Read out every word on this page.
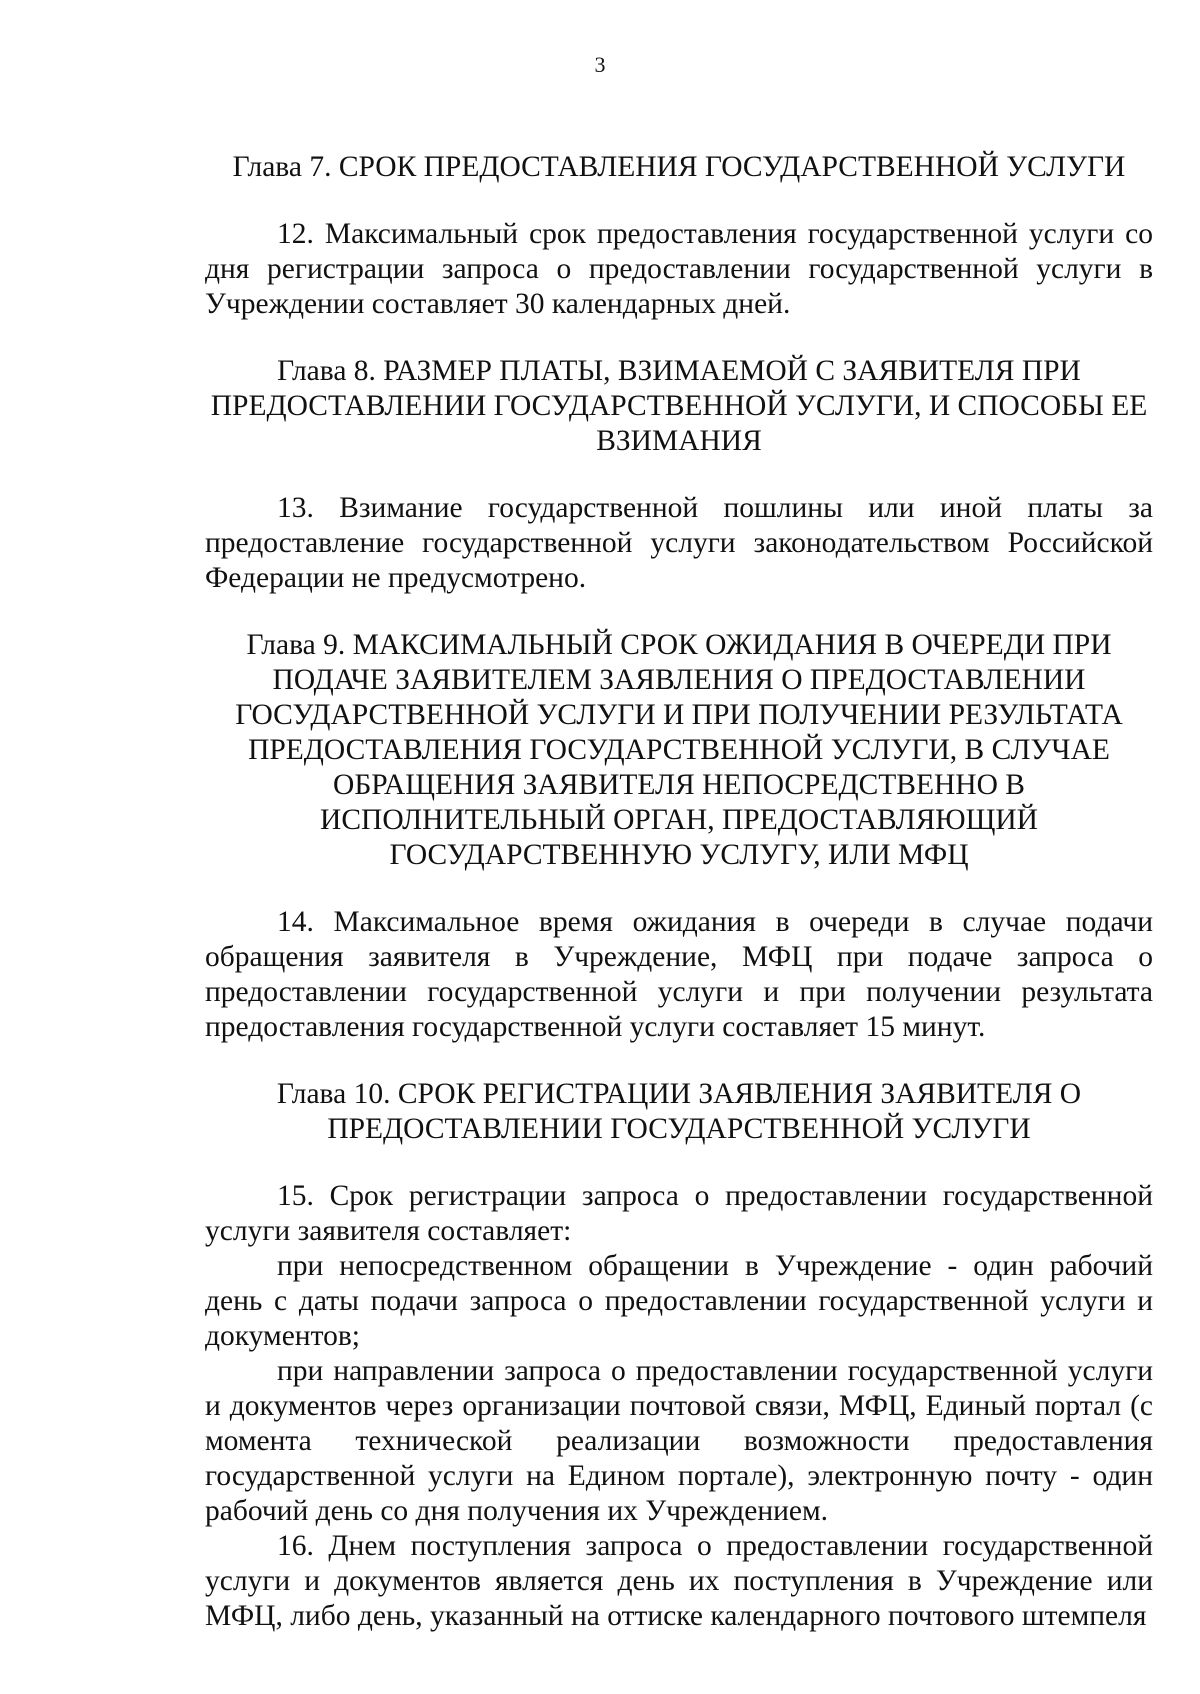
3
Глава 7. СРОК ПРЕДОСТАВЛЕНИЯ ГОСУДАРСТВЕННОЙ УСЛУГИ

12. Максимальный срок предоставления государственной услуги со дня регистрации запроса о предоставлении государственной услуги в Учреждении составляет 30 календарных дней.

Глава 8. РАЗМЕР ПЛАТЫ, ВЗИМАЕМОЙ С ЗАЯВИТЕЛЯ ПРИ ПРЕДОСТАВЛЕНИИ ГОСУДАРСТВЕННОЙ УСЛУГИ, И СПОСОБЫ ЕЕ ВЗИМАНИЯ

13. Взимание государственной пошлины или иной платы за предоставление государственной услуги законодательством Российской Федерации не предусмотрено.

Глава 9. МАКСИМАЛЬНЫЙ СРОК ОЖИДАНИЯ В ОЧЕРЕДИ ПРИ ПОДАЧЕ ЗАЯВИТЕЛЕМ ЗАЯВЛЕНИЯ О ПРЕДОСТАВЛЕНИИ ГОСУДАРСТВЕННОЙ УСЛУГИ И ПРИ ПОЛУЧЕНИИ РЕЗУЛЬТАТА ПРЕДОСТАВЛЕНИЯ ГОСУДАРСТВЕННОЙ УСЛУГИ, В СЛУЧАЕ ОБРАЩЕНИЯ ЗАЯВИТЕЛЯ НЕПОСРЕДСТВЕННО В ИСПОЛНИТЕЛЬНЫЙ ОРГАН, ПРЕДОСТАВЛЯЮЩИЙ ГОСУДАРСТВЕННУЮ УСЛУГУ, ИЛИ МФЦ

14. Максимальное время ожидания в очереди в случае подачи обращения заявителя в Учреждение, МФЦ при подаче запроса о предоставлении государственной услуги и при получении результата предоставления государственной услуги составляет 15 минут.

Глава 10. СРОК РЕГИСТРАЦИИ ЗАЯВЛЕНИЯ ЗАЯВИТЕЛЯ О ПРЕДОСТАВЛЕНИИ ГОСУДАРСТВЕННОЙ УСЛУГИ

15. Срок регистрации запроса о предоставлении государственной услуги заявителя составляет:

при непосредственном обращении в Учреждение - один рабочий день с даты подачи запроса о предоставлении государственной услуги и документов;

при направлении запроса о предоставлении государственной услуги и документов через организации почтовой связи, МФЦ, Единый портал (с момента технической реализации возможности предоставления государственной услуги на Едином портале), электронную почту - один рабочий день со дня получения их Учреждением.

16. Днем поступления запроса о предоставлении государственной услуги и документов является день их поступления в Учреждение или МФЦ, либо день, указанный на оттиске календарного почтового штемпеля
